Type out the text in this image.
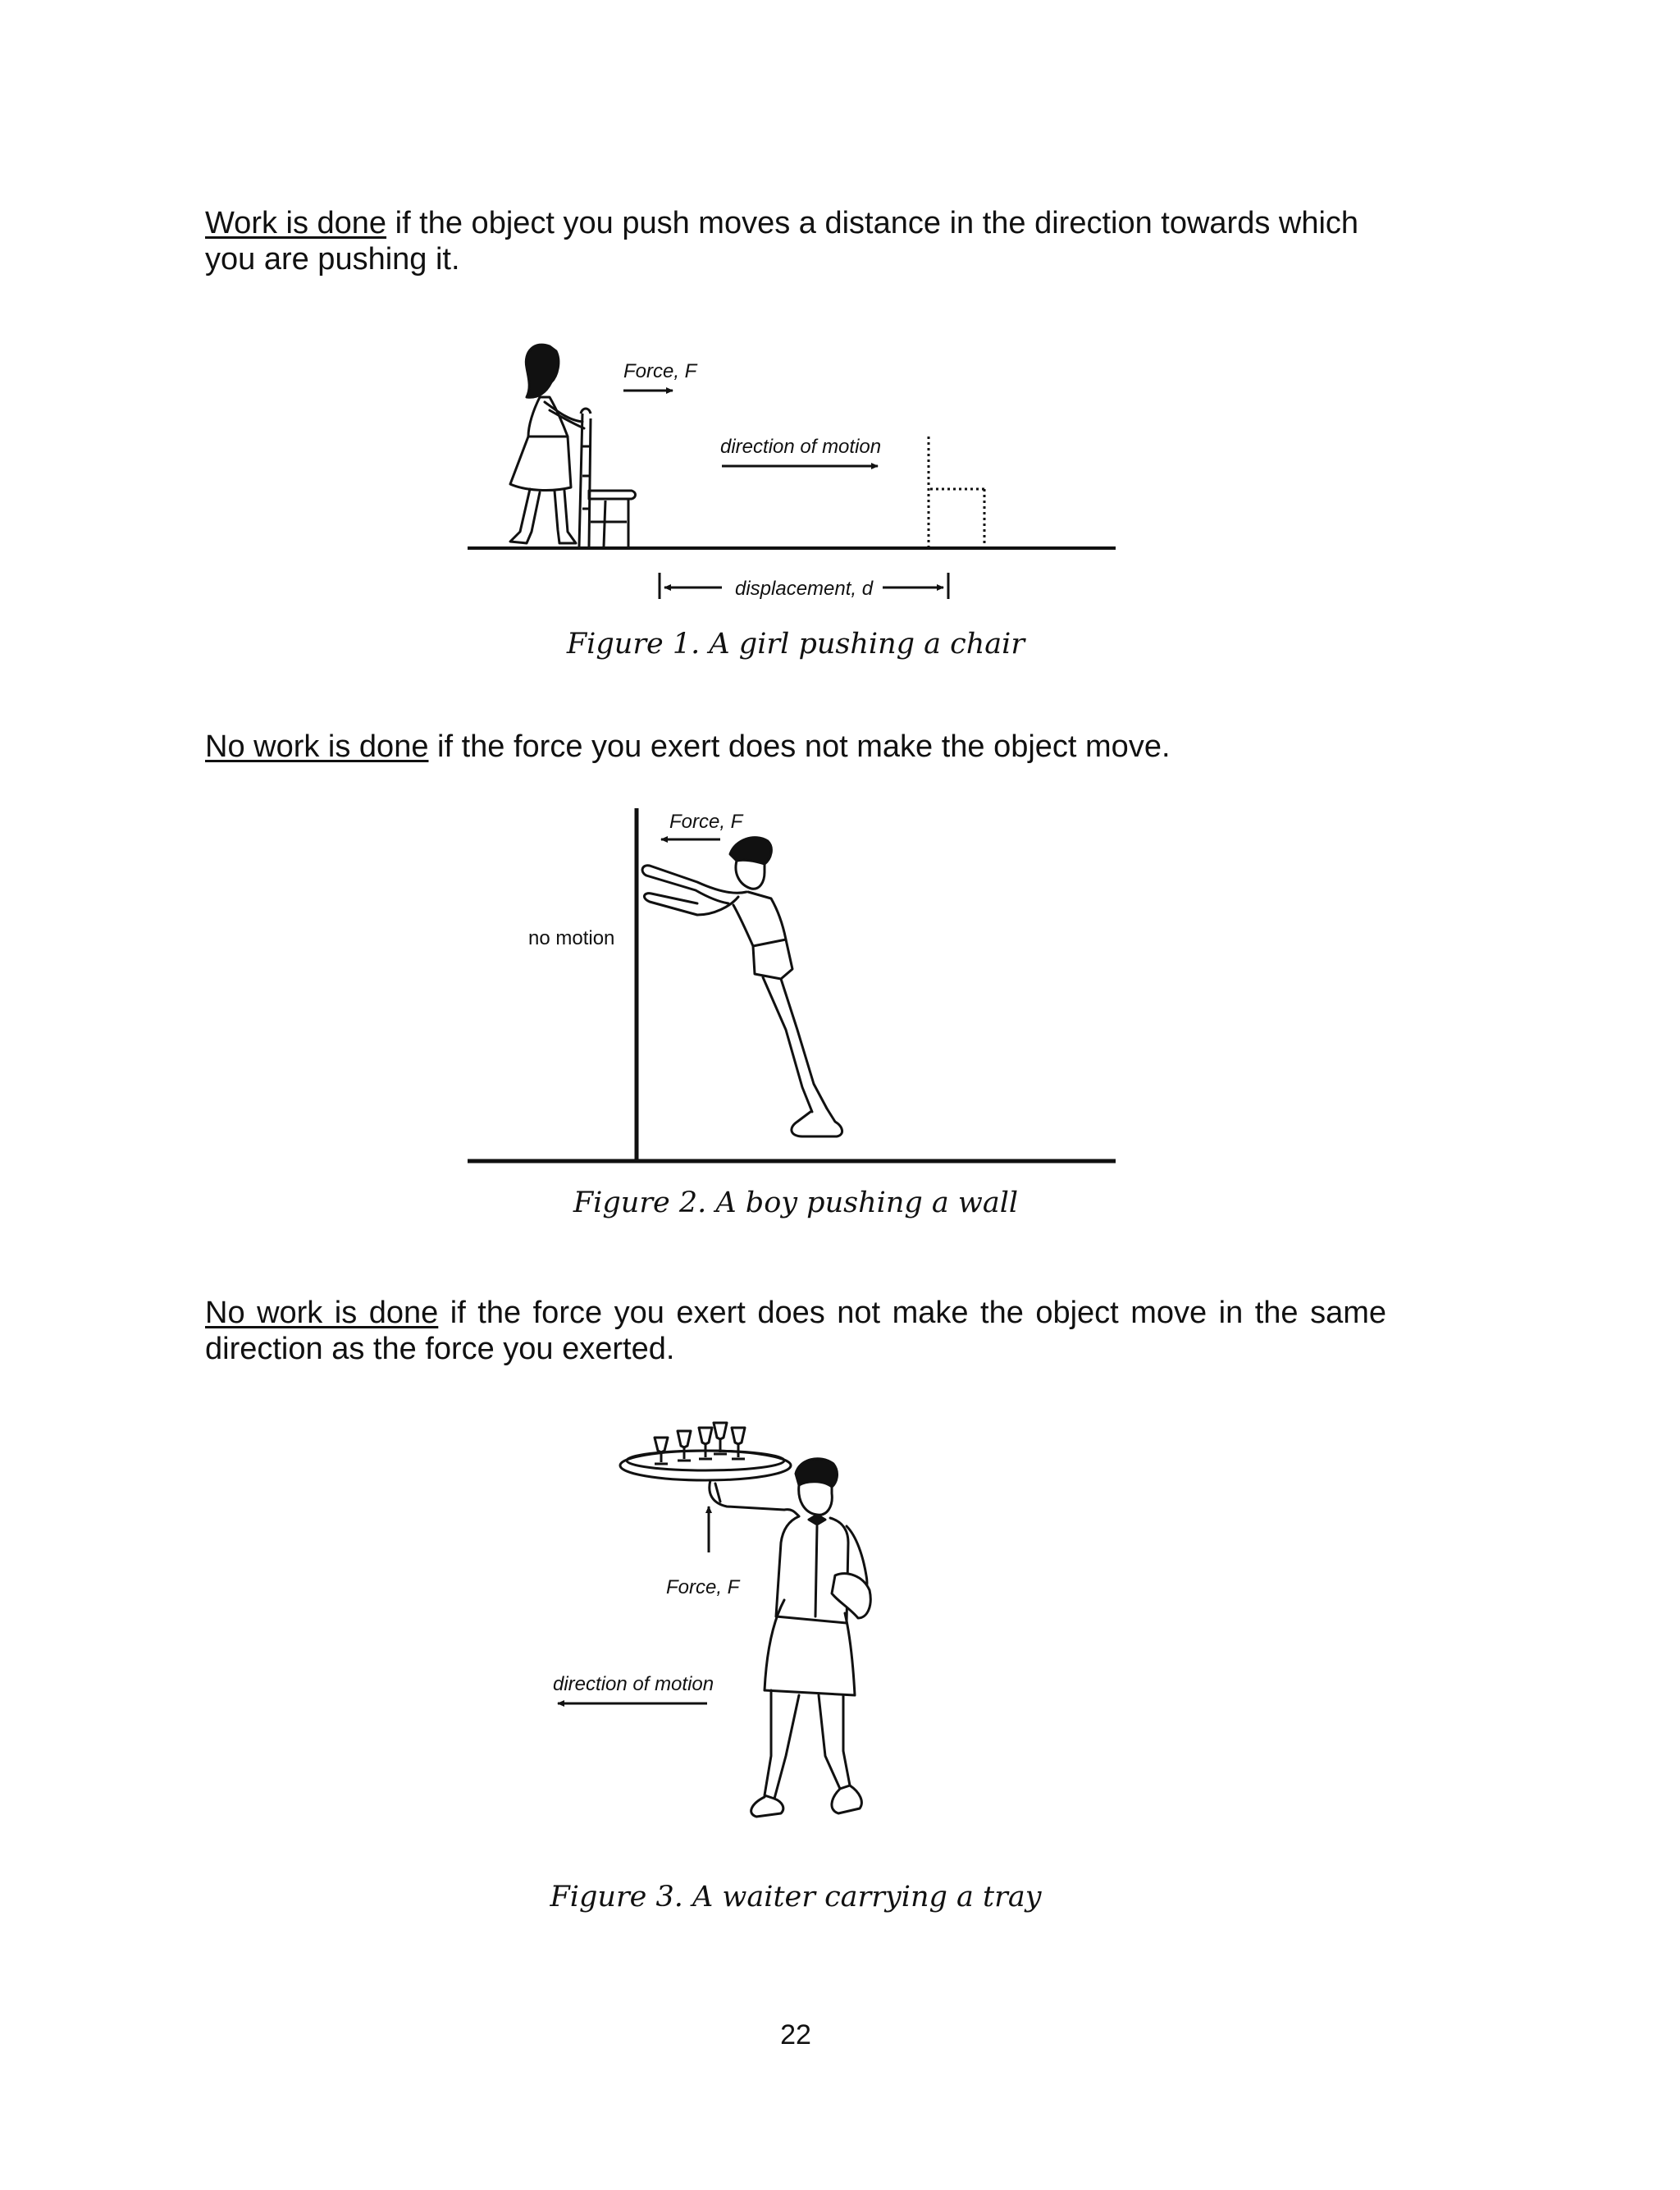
Work is done if the object you push moves a distance in the direction towards which you are pushing it.

Force, F
direction of motion
displacement, d

Figure 1. A girl pushing a chair

No work is done if the force you exert does not make the object move.

Force, F
no motion

Figure 2. A boy pushing a wall

No work is done if the force you exert does not make the object move in the same direction as the force you exerted.

Force, F
direction of motion

Figure 3. A waiter carrying a tray

22
